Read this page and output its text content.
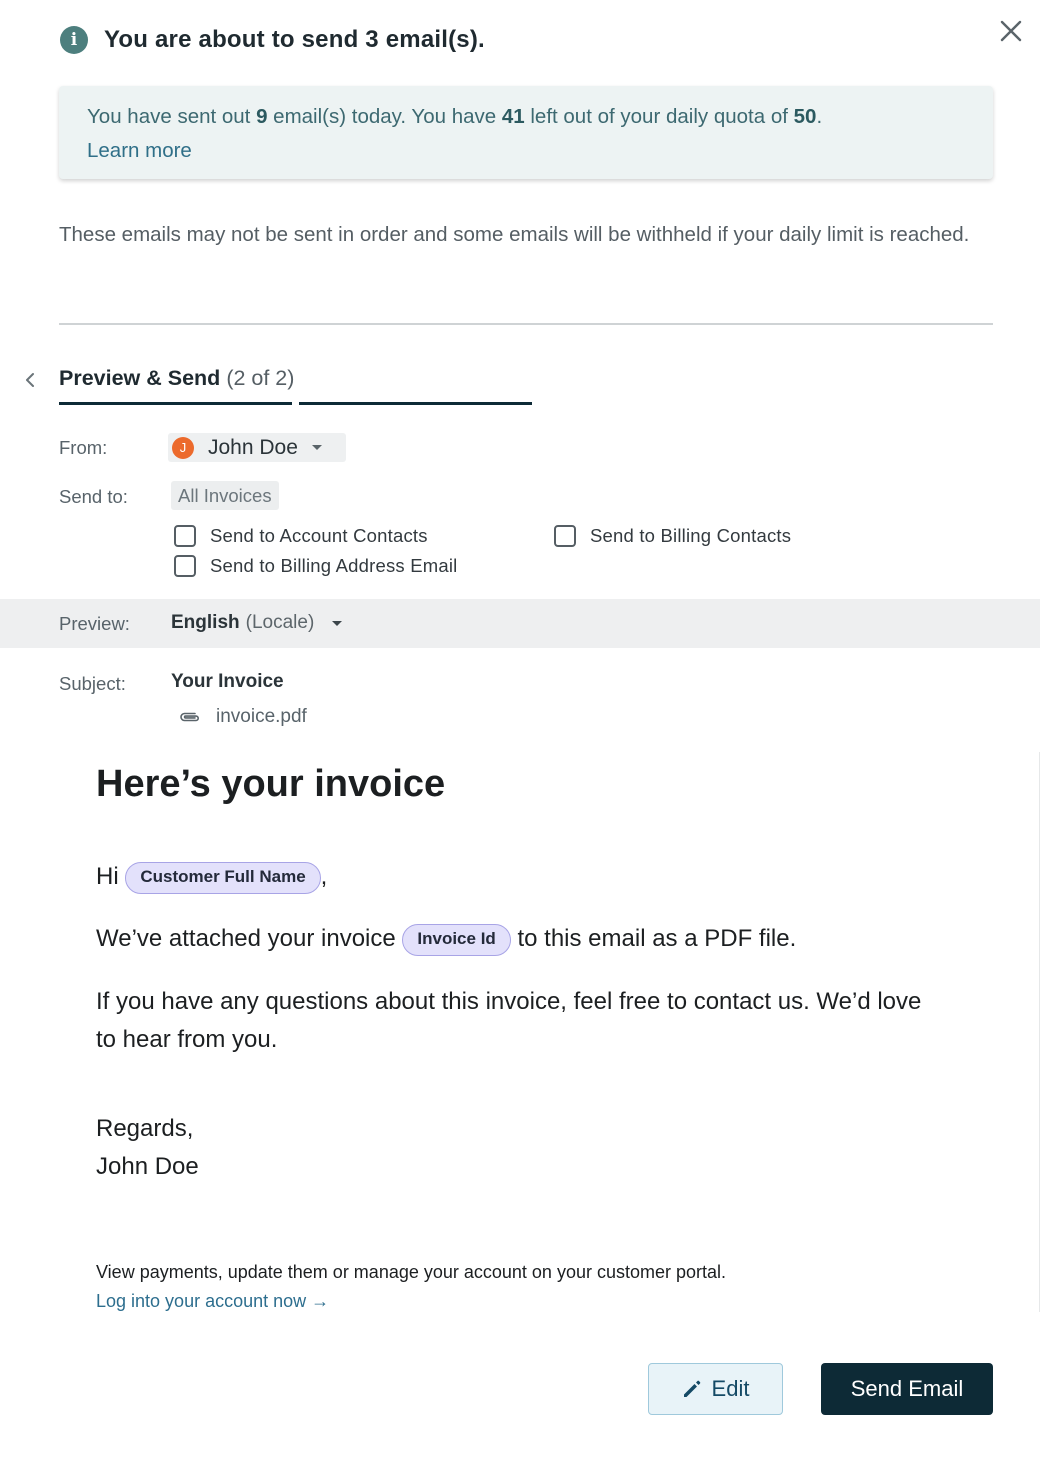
i	You are about to send 3 email(s).
You have sent out 9 email(s) today. You have 41 left out of your daily quota of 50.
Learn more
These emails may not be sent in order and some emails will be withheld if your daily limit is reached.
Preview & Send (2 of 2)
From:	J	John Doe
Send to:	All Invoices
Send to Account Contacts	Send to Billing Contacts
Send to Billing Address Email
Preview: English (Locale)
Subject: Your Invoice
invoice.pdf
Here’s your invoice
Hi Customer Full Name ,
We’ve attached your invoice Invoice Id to this email as a PDF file.
If you have any questions about this invoice, feel free to contact us. We’d love to hear from you.
Regards,
John Doe
View payments, update them or manage your account on your customer portal.
Log into your account now →
Edit	Send Email
